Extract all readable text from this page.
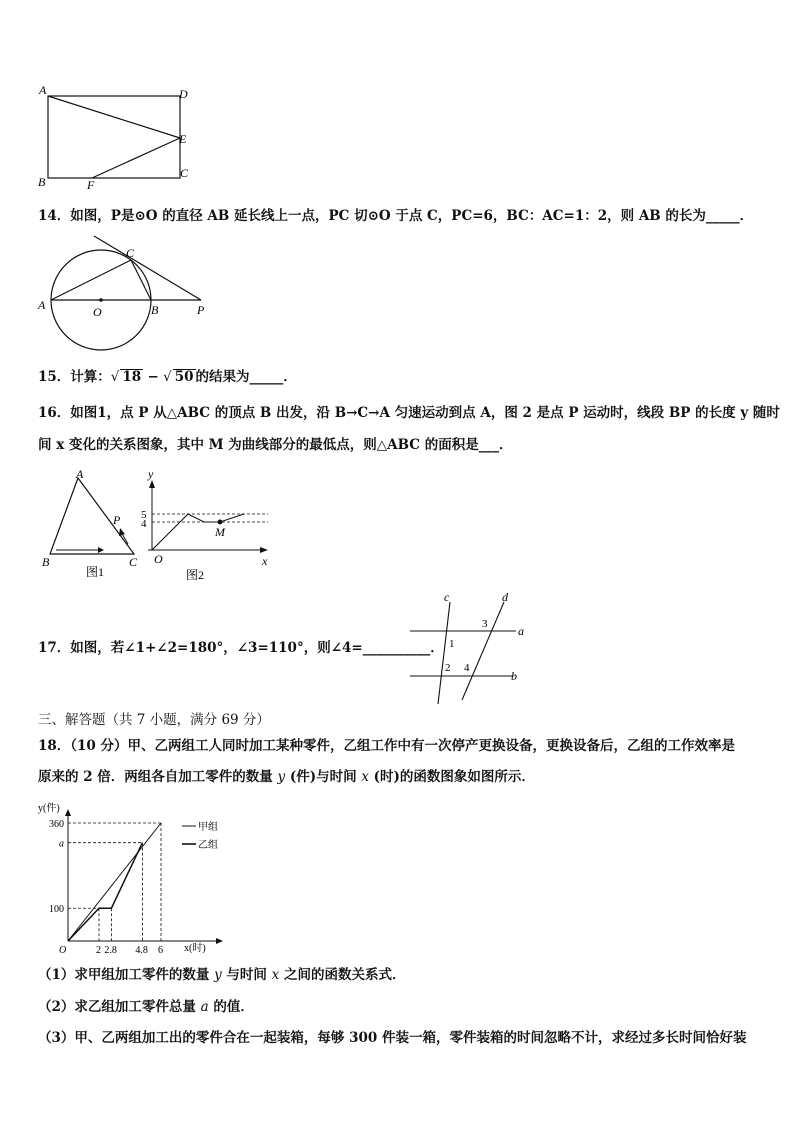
A	D
E
B	F
C
14．如图，P是⊙O 的直径 AB 延长线上一点，PC 切⊙O 于点 C，PC=6，BC：AC=1：2，则 AB 的长为_____．
C
A	O	B	P
15．计算：√ 18 − √ 50 的结果为_____．
16．如图1，点 P 从△ABC 的顶点 B 出发，沿 B→C→A 匀速运动到点 A，图 2 是点 P 运动时，线段 BP 的长度 y 随时
间 x 变化的关系图象，其中 M 为曲线部分的最低点，则△ABC 的面积是___．
A
P
B	C
图1
y
5
4
M
O	x
图2
17．如图，若∠1+∠2=180°，∠3=110°，则∠4=__________．
c	d
a
b
1
2
3
4
三、解答题（共 7 小题，满分 69 分）
18．（10 分）甲、乙两组工人同时加工某种零件，乙组工作中有一次停产更换设备，更换设备后，乙组的工作效率是
原来的 2 倍．两组各自加工零件的数量 y (件)与时间 x (时)的函数图象如图所示．
y(件)
x(时)
360
a
100
O	2 2.8 4.8 6
甲组
乙组
（1）求甲组加工零件的数量 y 与时间 x 之间的函数关系式．
（2）求乙组加工零件总量 a 的值．
（3）甲、乙两组加工出的零件合在一起装箱，每够 300 件装一箱，零件装箱的时间忽略不计，求经过多长时间恰好装
